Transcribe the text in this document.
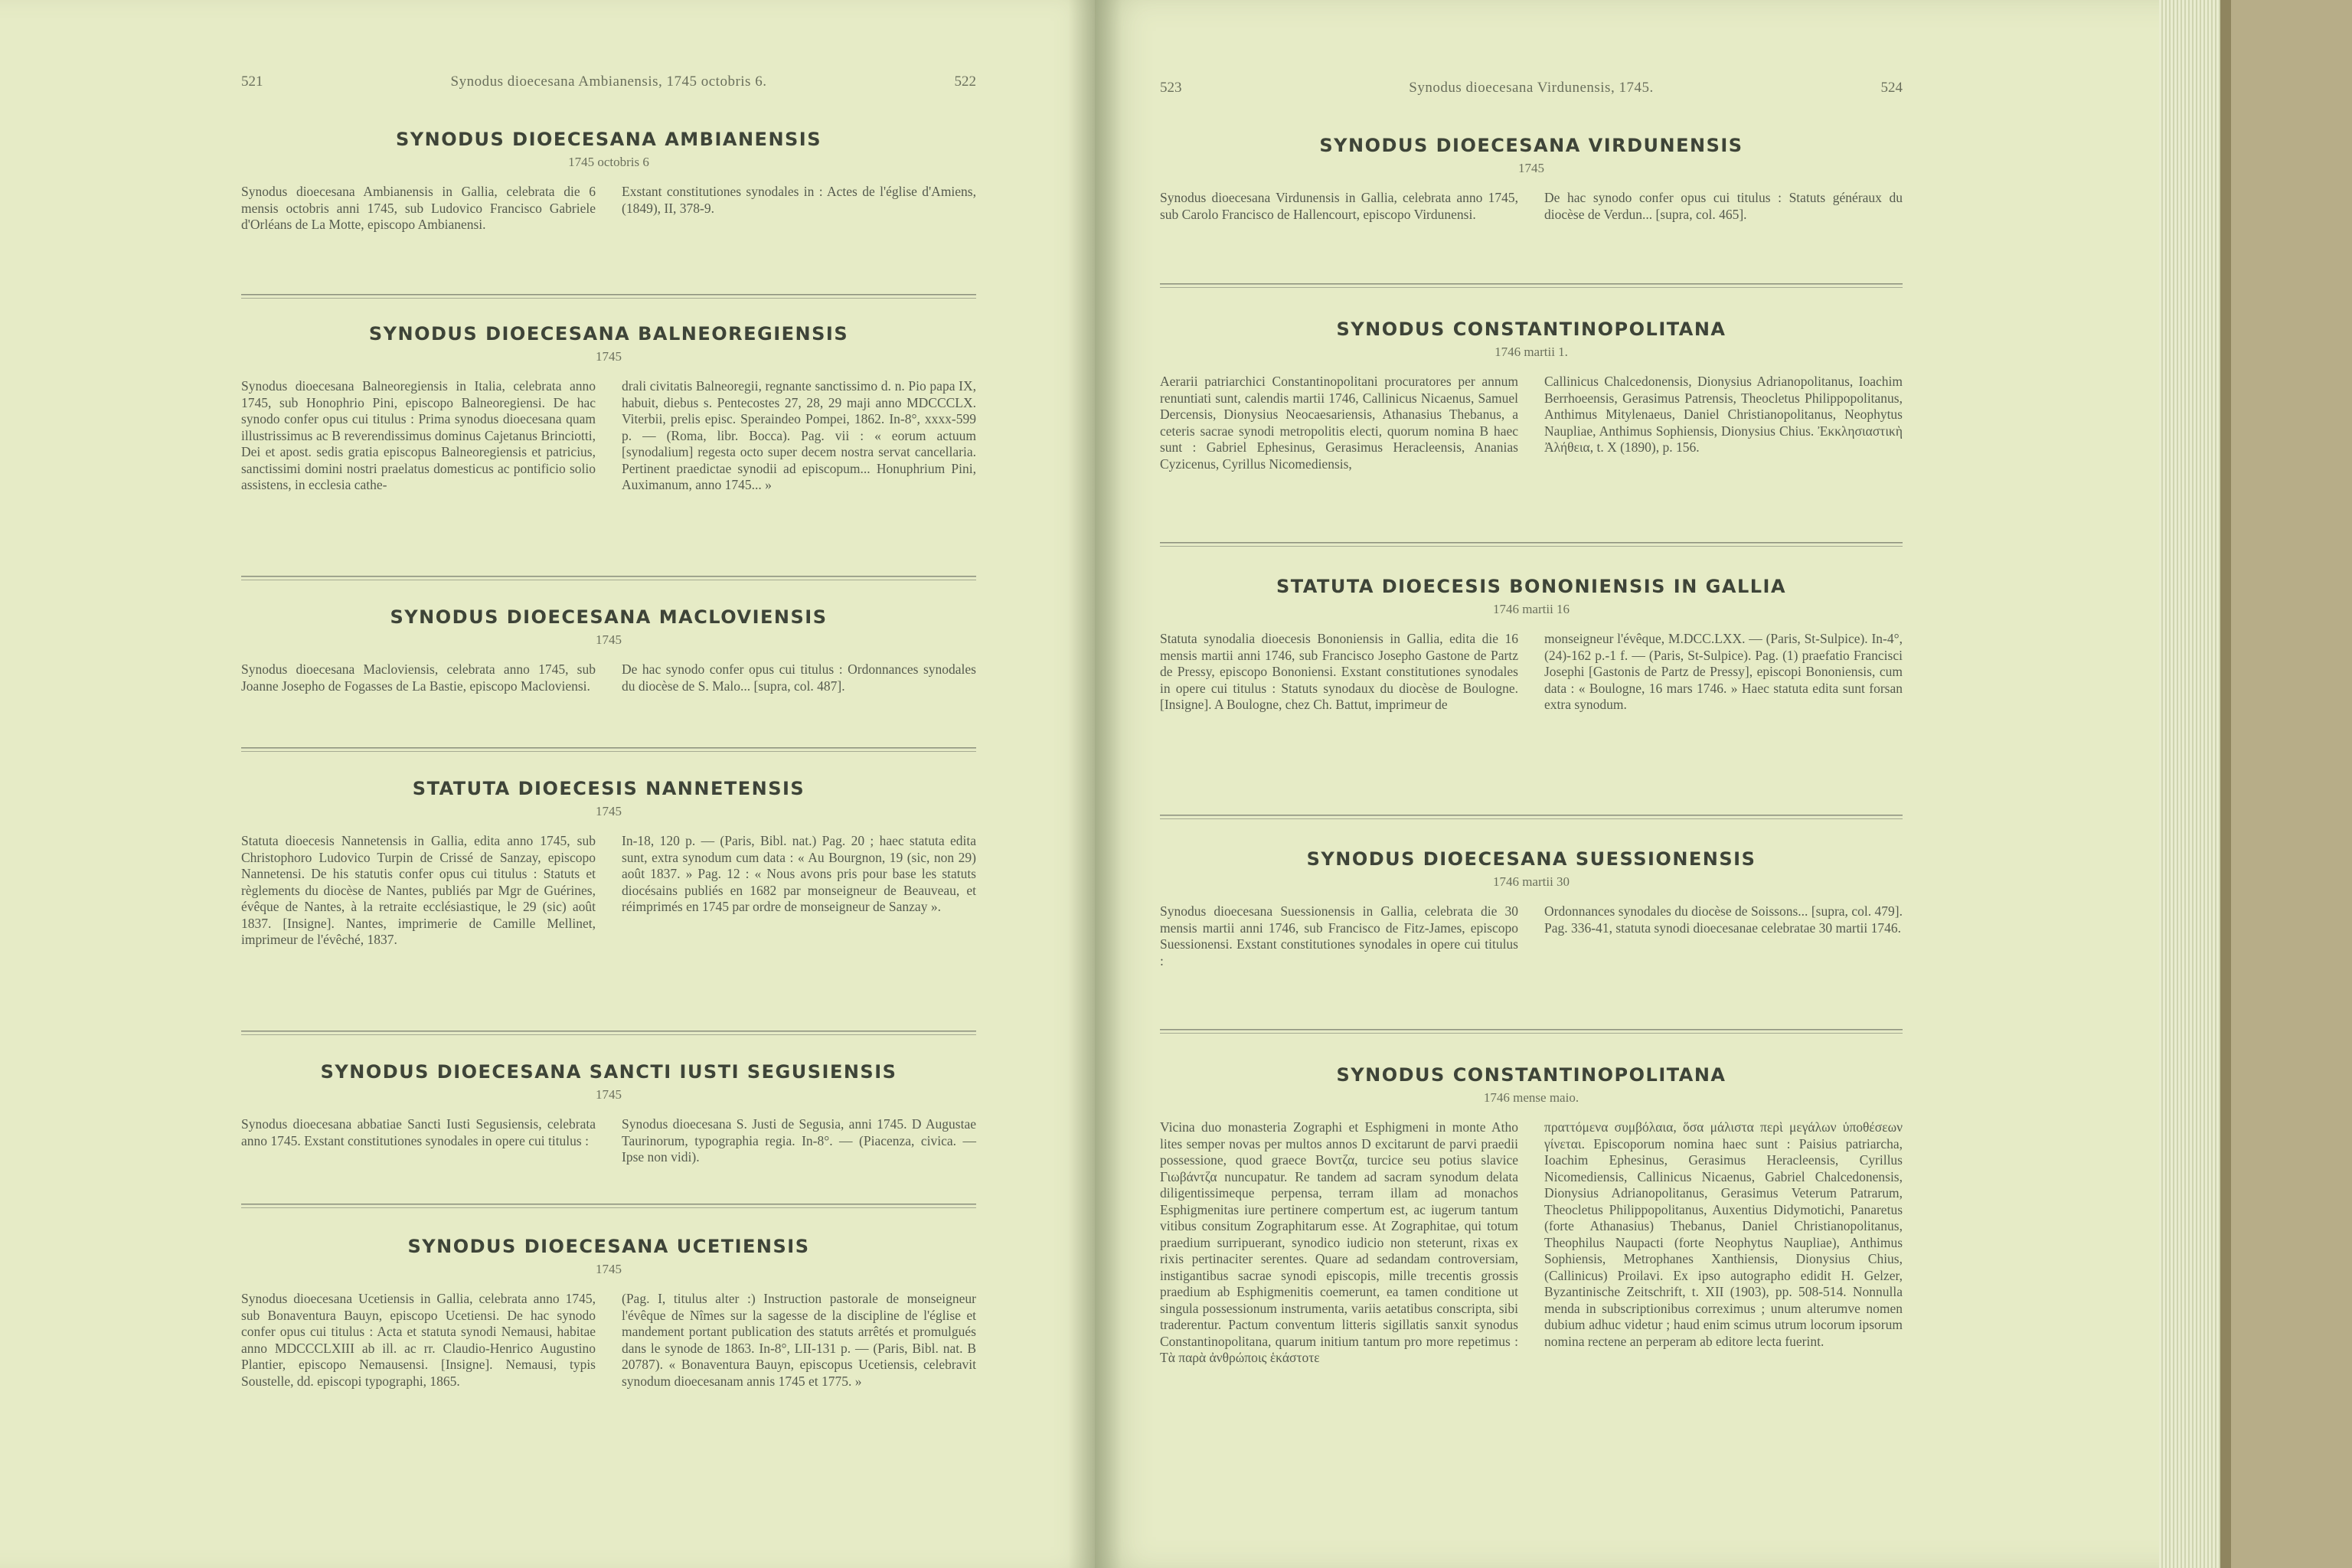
521	Synodus dioecesana Ambianensis, 1745 octobris 6.	522
SYNODUS DIOECESANA AMBIANENSIS
1745 octobris 6

Synodus dioecesana Ambianensis in Gallia, celebrata die 6 mensis octobris anni 1745, sub Ludovico Francisco Gabriele d'Orléans de La Motte, episcopo Ambianensi.

Exstant constitutiones synodales in : Actes de l'église d'Amiens, (1849), II, 378-9.

SYNODUS DIOECESANA BALNEOREGIENSIS
1745

Synodus dioecesana Balneoregiensis in Italia, celebrata anno 1745, sub Honophrio Pini, episcopo Balneoregiensi. De hac synodo confer opus cui titulus : Prima synodus dioecesana quam illustrissimus ac B reverendissimus dominus Cajetanus Brinciotti, Dei et apost. sedis gratia episcopus Balneoregiensis et patricius, sanctissimi domini nostri praelatus domesticus ac pontificio solio assistens, in ecclesia cathe-

drali civitatis Balneoregii, regnante sanctissimo d. n. Pio papa IX, habuit, diebus s. Pentecostes 27, 28, 29 maji anno MDCCCLX. Viterbii, prelis episc. Speraindeo Pompei, 1862. In-8°, xxxx-599 p. — (Roma, libr. Bocca). Pag. vii : « eorum actuum [synodalium] regesta octo super decem nostra servat cancellaria. Pertinent praedictae synodii ad episcopum... Honuphrium Pini, Auximanum, anno 1745... »

SYNODUS DIOECESANA MACLOVIENSIS
1745

Synodus dioecesana Macloviensis, celebrata anno 1745, sub Joanne Josepho de Fogasses de La Bastie, episcopo Macloviensi.

De hac synodo confer opus cui titulus : Ordonnances synodales du diocèse de S. Malo... [supra, col. 487].

STATUTA DIOECESIS NANNETENSIS
1745

Statuta dioecesis Nannetensis in Gallia, edita anno 1745, sub Christophoro Ludovico Turpin de Crissé de Sanzay, episcopo Nannetensi. De his statutis confer opus cui titulus : Statuts et règlements du diocèse de Nantes, publiés par Mgr de Guérines, évêque de Nantes, à la retraite ecclésiastique, le 29 (sic) août 1837. [Insigne]. Nantes, imprimerie de Camille Mellinet, imprimeur de l'évêché, 1837.

In-18, 120 p. — (Paris, Bibl. nat.) Pag. 20 ; haec statuta edita sunt, extra synodum cum data : « Au Bourgnon, 19 (sic, non 29) août 1837. » Pag. 12 : « Nous avons pris pour base les statuts diocésains publiés en 1682 par monseigneur de Beauveau, et réimprimés en 1745 par ordre de monseigneur de Sanzay ».

SYNODUS DIOECESANA SANCTI IUSTI SEGUSIENSIS
1745

Synodus dioecesana abbatiae Sancti Iusti Segusiensis, celebrata anno 1745. Exstant constitutiones synodales in opere cui titulus :

Synodus dioecesana S. Justi de Segusia, anni 1745. D Augustae Taurinorum, typographia regia. In-8°. — (Piacenza, civica. — Ipse non vidi).

SYNODUS DIOECESANA UCETIENSIS
1745

Synodus dioecesana Ucetiensis in Gallia, celebrata anno 1745, sub Bonaventura Bauyn, episcopo Ucetiensi. De hac synodo confer opus cui titulus : Acta et statuta synodi Nemausi, habitae anno MDCCCLXIII ab ill. ac rr. Claudio-Henrico Augustino Plantier, episcopo Nemausensi. [Insigne]. Nemausi, typis Soustelle, dd. episcopi typographi, 1865.

(Pag. I, titulus alter :) Instruction pastorale de monseigneur l'évêque de Nîmes sur la sagesse de la discipline de l'église et mandement portant publication des statuts arrêtés et promulgués dans le synode de 1863. In-8°, LII-131 p. — (Paris, Bibl. nat. B 20787). « Bonaventura Bauyn, episcopus Ucetiensis, celebravit synodum dioecesanam annis 1745 et 1775. »

523	Synodus dioecesana Virdunensis, 1745.	524
SYNODUS DIOECESANA VIRDUNENSIS
1745

Synodus dioecesana Virdunensis in Gallia, celebrata anno 1745, sub Carolo Francisco de Hallencourt, episcopo Virdunensi.

De hac synodo confer opus cui titulus : Statuts généraux du diocèse de Verdun... [supra, col. 465].

SYNODUS CONSTANTINOPOLITANA
1746 martii 1.

Aerarii patriarchici Constantinopolitani procuratores per annum renuntiati sunt, calendis martii 1746, Callinicus Nicaenus, Samuel Dercensis, Dionysius Neocaesariensis, Athanasius Thebanus, a ceteris sacrae synodi metropolitis electi, quorum nomina B haec sunt : Gabriel Ephesinus, Gerasimus Heracleensis, Ananias Cyzicenus, Cyrillus Nicomediensis,

Callinicus Chalcedonensis, Dionysius Adrianopolitanus, Ioachim Berrhoeensis, Gerasimus Patrensis, Theocletus Philippopolitanus, Anthimus Mitylenaeus, Daniel Christianopolitanus, Neophytus Naupliae, Anthimus Sophiensis, Dionysius Chius. Ἐκκλησιαστικὴ Ἀλήθεια, t. X (1890), p. 156.

STATUTA DIOECESIS BONONIENSIS IN GALLIA
1746 martii 16

Statuta synodalia dioecesis Bononiensis in Gallia, edita die 16 mensis martii anni 1746, sub Francisco Josepho Gastone de Partz de Pressy, episcopo Bononiensi. Exstant constitutiones synodales in opere cui titulus : Statuts synodaux du diocèse de Boulogne. [Insigne]. A Boulogne, chez Ch. Battut, imprimeur de

monseigneur l'évêque, M.DCC.LXX. — (Paris, St-Sulpice). In-4°, (24)-162 p.-1 f. — (Paris, St-Sulpice). Pag. (1) praefatio Francisci Josephi [Gastonis de Partz de Pressy], episcopi Bononiensis, cum data : « Boulogne, 16 mars 1746. » Haec statuta edita sunt forsan extra synodum.

SYNODUS DIOECESANA SUESSIONENSIS
1746 martii 30

Synodus dioecesana Suessionensis in Gallia, celebrata die 30 mensis martii anni 1746, sub Francisco de Fitz-James, episcopo Suessionensi. Exstant constitutiones synodales in opere cui titulus :

Ordonnances synodales du diocèse de Soissons... [supra, col. 479]. Pag. 336-41, statuta synodi dioecesanae celebratae 30 martii 1746.

SYNODUS CONSTANTINOPOLITANA
1746 mense maio.

Vicina duo monasteria Zographi et Esphigmeni in monte Atho lites semper novas per multos annos D excitarunt de parvi praedii possessione, quod graece Βοντζα, turcice seu potius slavice Γιωβάντζα nuncupatur. Re tandem ad sacram synodum delata diligentissimeque perpensa, terram illam ad monachos Esphigmenitas iure pertinere compertum est, ac iugerum tantum vitibus consitum Zographitarum esse. At Zographitae, qui totum praedium surripuerant, synodico iudicio non steterunt, rixas ex rixis pertinaciter serentes. Quare ad sedandam controversiam, instigantibus sacrae synodi episcopis, mille trecentis grossis praedium ab Esphigmenitis coemerunt, ea tamen conditione ut singula possessionum instrumenta, variis aetatibus conscripta, sibi traderentur. Pactum conventum litteris sigillatis sanxit synodus Constantinopolitana, quarum initium tantum pro more repetimus : Τὰ παρὰ ἀνθρώποις ἑκάστοτε

πραττόμενα συμβόλαια, ὅσα μάλιστα περὶ μεγάλων ὑποθέσεων γίνεται. Episcoporum nomina haec sunt : Paisius patriarcha, Ioachim Ephesinus, Gerasimus Heracleensis, Cyrillus Nicomediensis, Callinicus Nicaenus, Gabriel Chalcedonensis, Dionysius Adrianopolitanus, Gerasimus Veterum Patrarum, Theocletus Philippopolitanus, Auxentius Didymotichi, Panaretus (forte Athanasius) Thebanus, Daniel Christianopolitanus, Theophilus Naupacti (forte Neophytus Naupliae), Anthimus Sophiensis, Metrophanes Xanthiensis, Dionysius Chius, (Callinicus) Proilavi. Ex ipso autographo edidit H. Gelzer, Byzantinische Zeitschrift, t. XII (1903), pp. 508-514. Nonnulla menda in subscriptionibus correximus ; unum alterumve nomen dubium adhuc videtur ; haud enim scimus utrum locorum ipsorum nomina rectene an perperam ab editore lecta fuerint.
